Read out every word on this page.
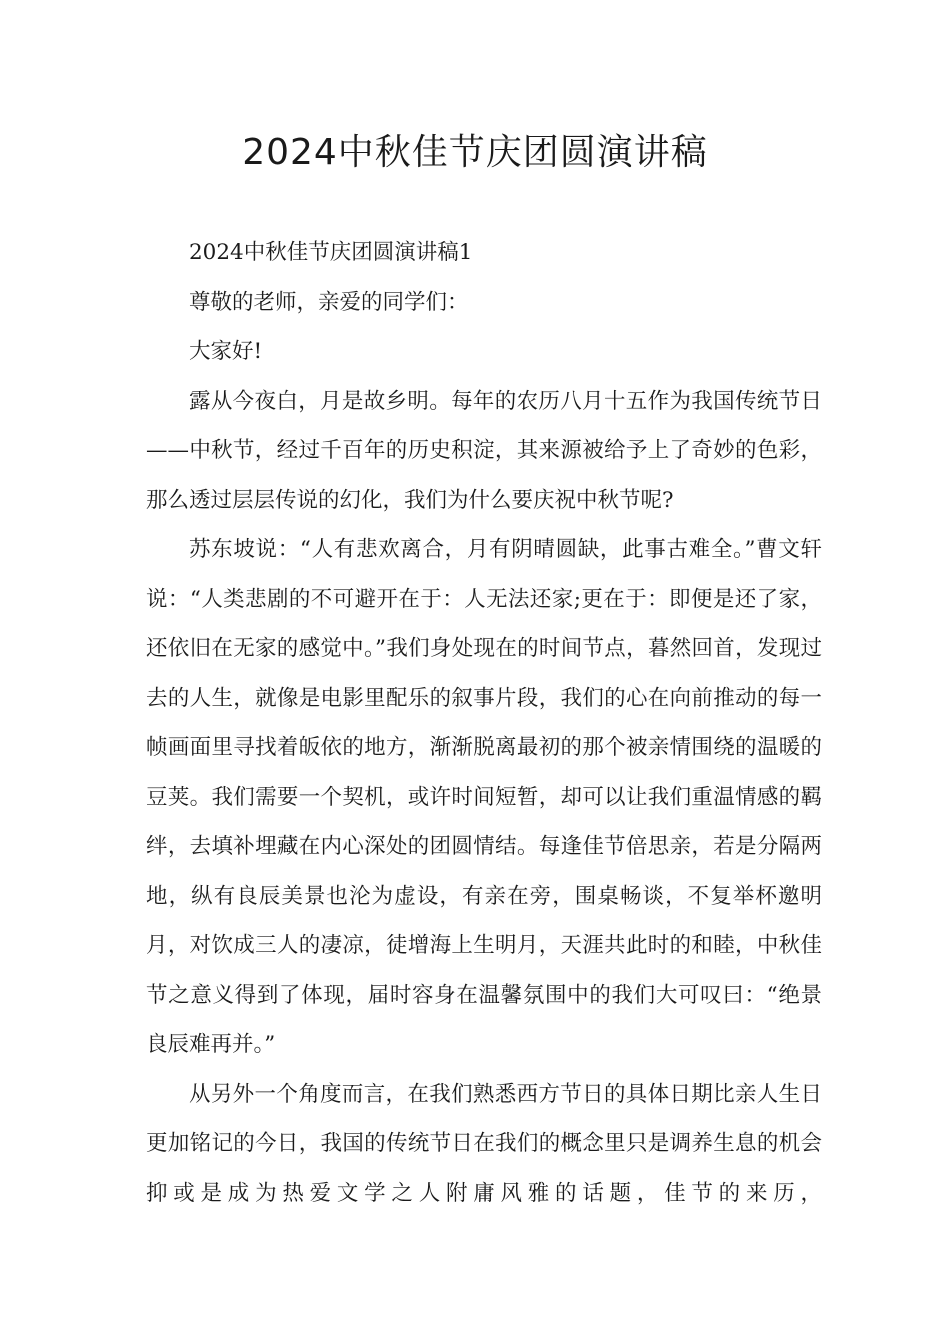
2024中秋佳节庆团圆演讲稿

2024中秋佳节庆团圆演讲稿1

尊敬的老师，亲爱的同学们：

大家好!

露从今夜白，月是故乡明。每年的农历八月十五作为我国传统节日——中秋节，经过千百年的历史积淀，其来源被给予上了奇妙的色彩，那么透过层层传说的幻化，我们为什么要庆祝中秋节呢?

苏东坡说：“人有悲欢离合，月有阴晴圆缺，此事古难全。”曹文轩说：“人类悲剧的不可避开在于：人无法还家;更在于：即便是还了家，还依旧在无家的感觉中。”我们身处现在的时间节点，暮然回首，发现过去的人生，就像是电影里配乐的叙事片段，我们的心在向前推动的每一帧画面里寻找着皈依的地方，渐渐脱离最初的那个被亲情围绕的温暖的豆荚。我们需要一个契机，或许时间短暂，却可以让我们重温情感的羁绊，去填补埋藏在内心深处的团圆情结。每逢佳节倍思亲，若是分隔两地，纵有良辰美景也沦为虚设，有亲在旁，围桌畅谈，不复举杯邀明月，对饮成三人的凄凉，徒增海上生明月，天涯共此时的和睦，中秋佳节之意义得到了体现，届时容身在温馨氛围中的我们大可叹曰：“绝景良辰难再并。”

从另外一个角度而言，在我们熟悉西方节日的具体日期比亲人生日更加铭记的今日，我国的传统节日在我们的概念里只是调养生息的机会抑或是成为热爱文学之人附庸风雅的话题，佳节的来历，
